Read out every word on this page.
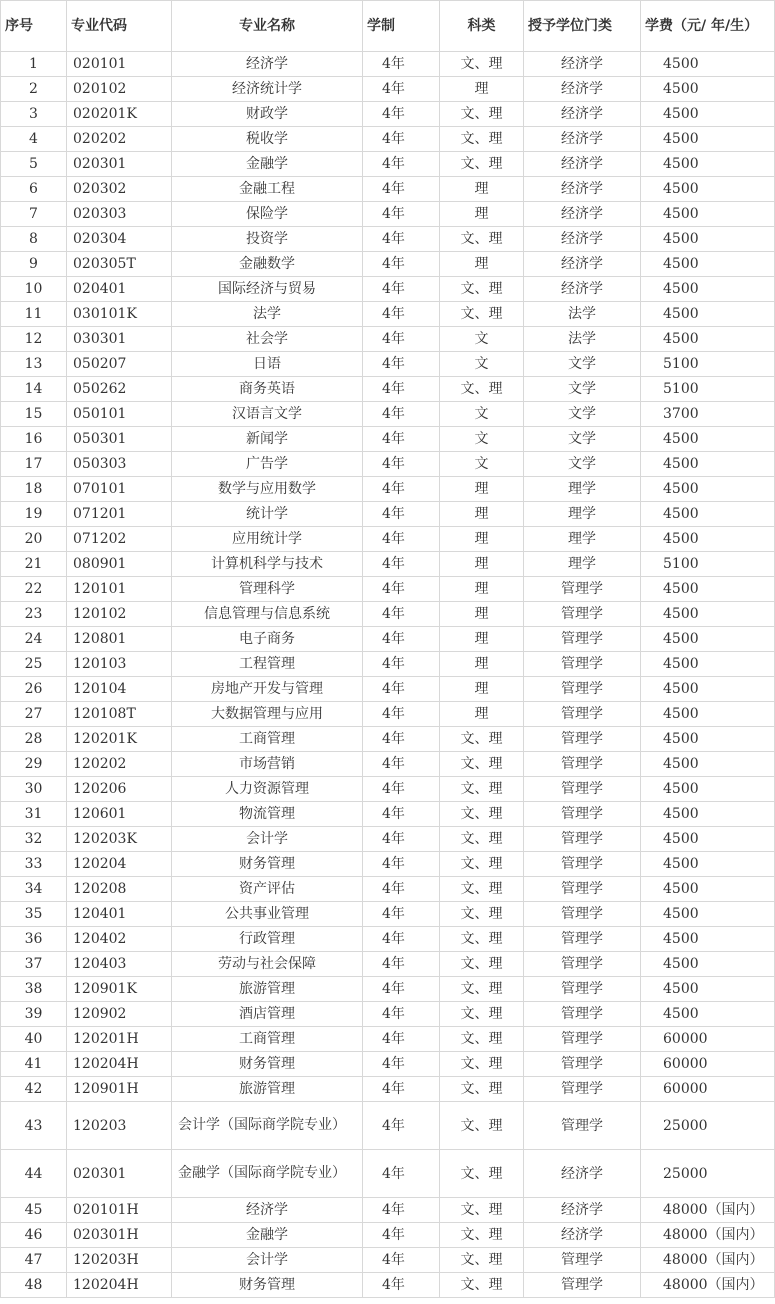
序号	专业代码	专业名称	学制	科类	授予学位门类	学费（元/ 年/生）
1	020101	经济学	4年	文、理	经济学	4500
2	020102	经济统计学	4年	理	经济学	4500
3	020201K	财政学	4年	文、理	经济学	4500
4	020202	税收学	4年	文、理	经济学	4500
5	020301	金融学	4年	文、理	经济学	4500
6	020302	金融工程	4年	理	经济学	4500
7	020303	保险学	4年	理	经济学	4500
8	020304	投资学	4年	文、理	经济学	4500
9	020305T	金融数学	4年	理	经济学	4500
10	020401	国际经济与贸易	4年	文、理	经济学	4500
11	030101K	法学	4年	文、理	法学	4500
12	030301	社会学	4年	文	法学	4500
13	050207	日语	4年	文	文学	5100
14	050262	商务英语	4年	文、理	文学	5100
15	050101	汉语言文学	4年	文	文学	3700
16	050301	新闻学	4年	文	文学	4500
17	050303	广告学	4年	文	文学	4500
18	070101	数学与应用数学	4年	理	理学	4500
19	071201	统计学	4年	理	理学	4500
20	071202	应用统计学	4年	理	理学	4500
21	080901	计算机科学与技术	4年	理	理学	5100
22	120101	管理科学	4年	理	管理学	4500
23	120102	信息管理与信息系统	4年	理	管理学	4500
24	120801	电子商务	4年	理	管理学	4500
25	120103	工程管理	4年	理	管理学	4500
26	120104	房地产开发与管理	4年	理	管理学	4500
27	120108T	大数据管理与应用	4年	理	管理学	4500
28	120201K	工商管理	4年	文、理	管理学	4500
29	120202	市场营销	4年	文、理	管理学	4500
30	120206	人力资源管理	4年	文、理	管理学	4500
31	120601	物流管理	4年	文、理	管理学	4500
32	120203K	会计学	4年	文、理	管理学	4500
33	120204	财务管理	4年	文、理	管理学	4500
34	120208	资产评估	4年	文、理	管理学	4500
35	120401	公共事业管理	4年	文、理	管理学	4500
36	120402	行政管理	4年	文、理	管理学	4500
37	120403	劳动与社会保障	4年	文、理	管理学	4500
38	120901K	旅游管理	4年	文、理	管理学	4500
39	120902	酒店管理	4年	文、理	管理学	4500
40	120201H	工商管理	4年	文、理	管理学	60000
41	120204H	财务管理	4年	文、理	管理学	60000
42	120901H	旅游管理	4年	文、理	管理学	60000
43	120203	会计学（国际商学院专业）	4年	文、理	管理学	25000
44	020301	金融学（国际商学院专业）	4年	文、理	经济学	25000
45	020101H	经济学	4年	文、理	经济学	48000（国内）
46	020301H	金融学	4年	文、理	经济学	48000（国内）
47	120203H	会计学	4年	文、理	管理学	48000（国内）
48	120204H	财务管理	4年	文、理	管理学	48000（国内）
